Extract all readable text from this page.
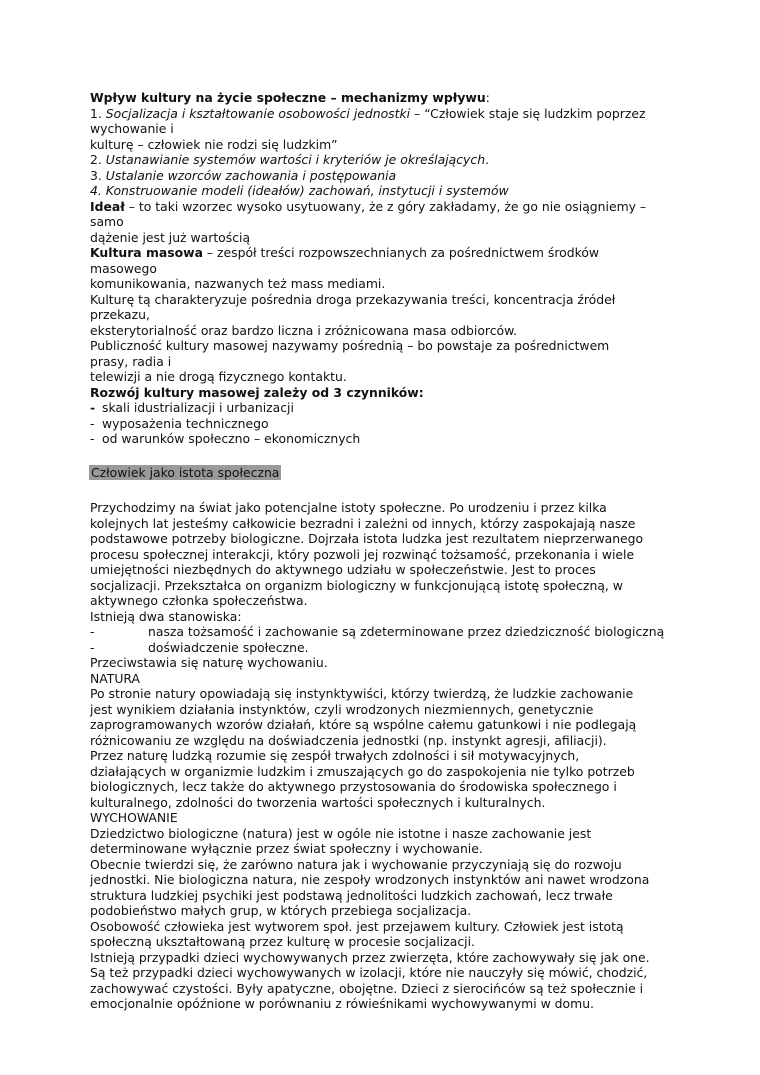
Wpływ kultury na życie społeczne – mechanizmy wpływu:
1. Socjalizacja i kształtowanie osobowości jednostki – “Człowiek staje się ludzkim poprzez
wychowanie i
kulturę – człowiek nie rodzi się ludzkim”
2. Ustanawianie systemów wartości i kryteriów je określających.
3. Ustalanie wzorców zachowania i postępowania
4. Konstruowanie modeli (ideałów) zachowań, instytucji i systemów
Ideał – to taki wzorzec wysoko usytuowany, że z góry zakładamy, że go nie osiągniemy –
samo
dążenie jest już wartością
Kultura masowa – zespół treści rozpowszechnianych za pośrednictwem środków
masowego
komunikowania, nazwanych też mass mediami.
Kulturę tą charakteryzuje pośrednia droga przekazywania treści, koncentracja źródeł
przekazu,
eksterytorialność oraz bardzo liczna i zróżnicowana masa odbiorców.
Publiczność kultury masowej nazywamy pośrednią – bo powstaje za pośrednictwem
prasy, radia i
telewizji a nie drogą fizycznego kontaktu.
Rozwój kultury masowej zależy od 3 czynników:
- skali idustrializacji i urbanizacji
- wyposażenia technicznego
- od warunków społeczno – ekonomicznych
Człowiek jako istota społeczna
Przychodzimy na świat jako potencjalne istoty społeczne. Po urodzeniu i przez kilka
kolejnych lat jesteśmy całkowicie bezradni i zależni od innych, którzy zaspokajają nasze
podstawowe potrzeby biologiczne. Dojrzała istota ludzka jest rezultatem nieprzerwanego
procesu społecznej interakcji, który pozwoli jej rozwinąć tożsamość, przekonania i wiele
umiejętności niezbędnych do aktywnego udziału w społeczeństwie. Jest to proces
socjalizacji. Przekształca on organizm biologiczny w funkcjonującą istotę społeczną, w
aktywnego członka społeczeństwa.
Istnieją dwa stanowiska:
-	nasza tożsamość i zachowanie są zdeterminowane przez dziedziczność biologiczną
-	doświadczenie społeczne.
Przeciwstawia się naturę wychowaniu.
NATURA
Po stronie natury opowiadają się instynktywiści, którzy twierdzą, że ludzkie zachowanie
jest wynikiem działania instynktów, czyli wrodzonych niezmiennych, genetycznie
zaprogramowanych wzorów działań, które są wspólne całemu gatunkowi i nie podlegają
różnicowaniu ze względu na doświadczenia jednostki (np. instynkt agresji, afiliacji).
Przez naturę ludzką rozumie się zespół trwałych zdolności i sił motywacyjnych,
działających w organizmie ludzkim i zmuszających go do zaspokojenia nie tylko potrzeb
biologicznych, lecz także do aktywnego przystosowania do środowiska społecznego i
kulturalnego, zdolności do tworzenia wartości społecznych i kulturalnych.
WYCHOWANIE
Dziedzictwo biologiczne (natura) jest w ogóle nie istotne i nasze zachowanie jest
determinowane wyłącznie przez świat społeczny i wychowanie.
Obecnie twierdzi się, że zarówno natura jak i wychowanie przyczyniają się do rozwoju
jednostki. Nie biologiczna natura, nie zespoły wrodzonych instynktów ani nawet wrodzona
struktura ludzkiej psychiki jest podstawą jednolitości ludzkich zachowań, lecz trwałe
podobieństwo małych grup, w których przebiega socjalizacja.
Osobowość człowieka jest wytworem społ. jest przejawem kultury. Człowiek jest istotą
społeczną ukształtowaną przez kulturę w procesie socjalizacji.
Istnieją przypadki dzieci wychowywanych przez zwierzęta, które zachowywały się jak one.
Są też przypadki dzieci wychowywanych w izolacji, które nie nauczyły się mówić, chodzić,
zachowywać czystości. Były apatyczne, obojętne. Dzieci z sierocińców są też społecznie i
emocjonalnie opóźnione w porównaniu z rówieśnikami wychowywanymi w domu.
